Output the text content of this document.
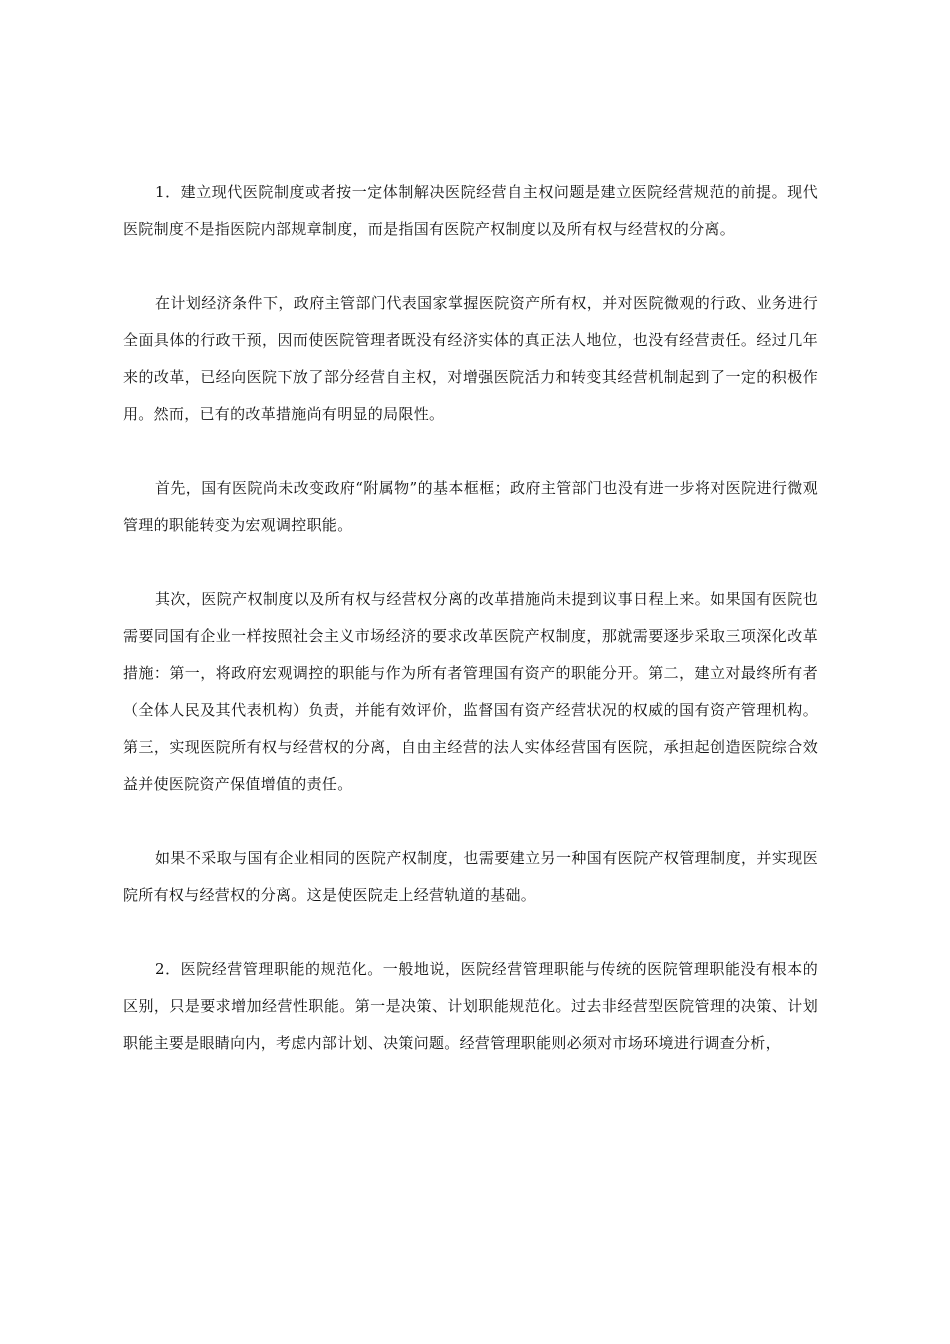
1．建立现代医院制度或者按一定体制解决医院经营自主权问题是建立医院经营规范的前提。现代医院制度不是指医院内部规章制度，而是指国有医院产权制度以及所有权与经营权的分离。

在计划经济条件下，政府主管部门代表国家掌握医院资产所有权，并对医院微观的行政、业务进行全面具体的行政干预，因而使医院管理者既没有经济实体的真正法人地位，也没有经营责任。经过几年来的改革，已经向医院下放了部分经营自主权，对增强医院活力和转变其经营机制起到了一定的积极作用。然而，已有的改革措施尚有明显的局限性。

首先，国有医院尚未改变政府“附属物”的基本框框；政府主管部门也没有进一步将对医院进行微观管理的职能转变为宏观调控职能。

其次，医院产权制度以及所有权与经营权分离的改革措施尚未提到议事日程上来。如果国有医院也需要同国有企业一样按照社会主义市场经济的要求改革医院产权制度，那就需要逐步采取三项深化改革措施：第一，将政府宏观调控的职能与作为所有者管理国有资产的职能分开。第二，建立对最终所有者（全体人民及其代表机构）负责，并能有效评价，监督国有资产经营状况的权威的国有资产管理机构。第三，实现医院所有权与经营权的分离，自由主经营的法人实体经营国有医院，承担起创造医院综合效益并使医院资产保值增值的责任。

如果不采取与国有企业相同的医院产权制度，也需要建立另一种国有医院产权管理制度，并实现医院所有权与经营权的分离。这是使医院走上经营轨道的基础。

2．医院经营管理职能的规范化。一般地说，医院经营管理职能与传统的医院管理职能没有根本的区别，只是要求增加经营性职能。第一是决策、计划职能规范化。过去非经营型医院管理的决策、计划职能主要是眼睛向内，考虑内部计划、决策问题。经营管理职能则必须对市场环境进行调查分析，
